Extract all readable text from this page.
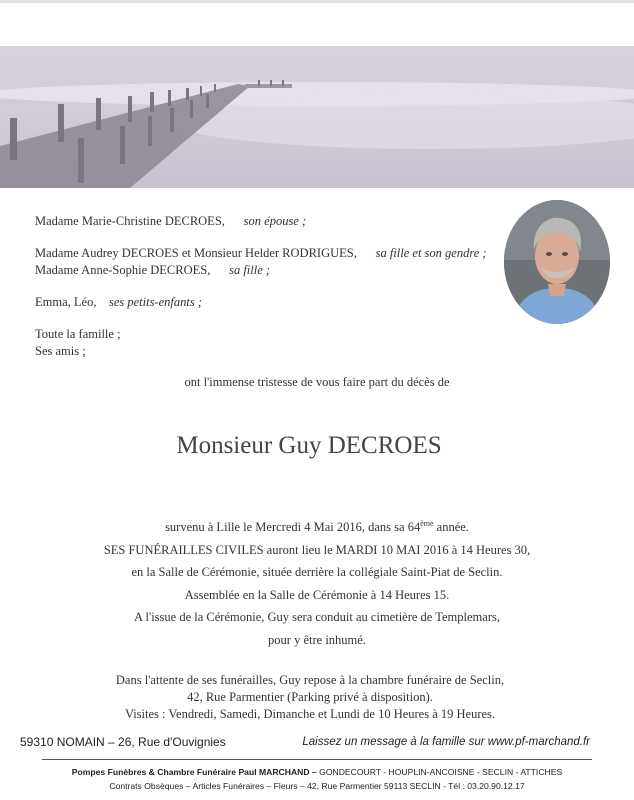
Madame Marie-Christine DECROES, son épouse ;
Madame Audrey DECROES et Monsieur Helder RODRIGUES, sa fille et son gendre ;
Madame Anne-Sophie DECROES, sa fille ;
Emma, Léo, ses petits-enfants ;
Toute la famille ;
Ses amis ;
ont l'immense tristesse de vous faire part du décès de
Monsieur Guy DECROES
survenu à Lille le Mercredi 4 Mai 2016, dans sa 64ème année.
SES FUNÉRAILLES CIVILES auront lieu le MARDI 10 MAI 2016 à 14 Heures 30,
en la Salle de Cérémonie, située derrière la collégiale Saint-Piat de Seclin.
Assemblée en la Salle de Cérémonie à 14 Heures 15.
A l'issue de la Cérémonie, Guy sera conduit au cimetière de Templemars,
pour y être inhumé.
Dans l'attente de ses funérailles, Guy repose à la chambre funéraire de Seclin,
42, Rue Parmentier (Parking privé à disposition).
Visites : Vendredi, Samedi, Dimanche et Lundi de 10 Heures à 19 Heures.
59310 NOMAIN – 26, Rue d'Ouvignies	Laissez un message à la famille sur www.pf-marchand.fr
Pompes Funèbres & Chambre Funéraire Paul MARCHAND – GONDECOURT - HOUPLIN-ANCOISNE - SECLIN - ATTICHES
Contrats Obsèques – Articles Funéraires – Fleurs – 42, Rue Parmentier 59113 SECLIN - Tél : 03.20.90.12.17
